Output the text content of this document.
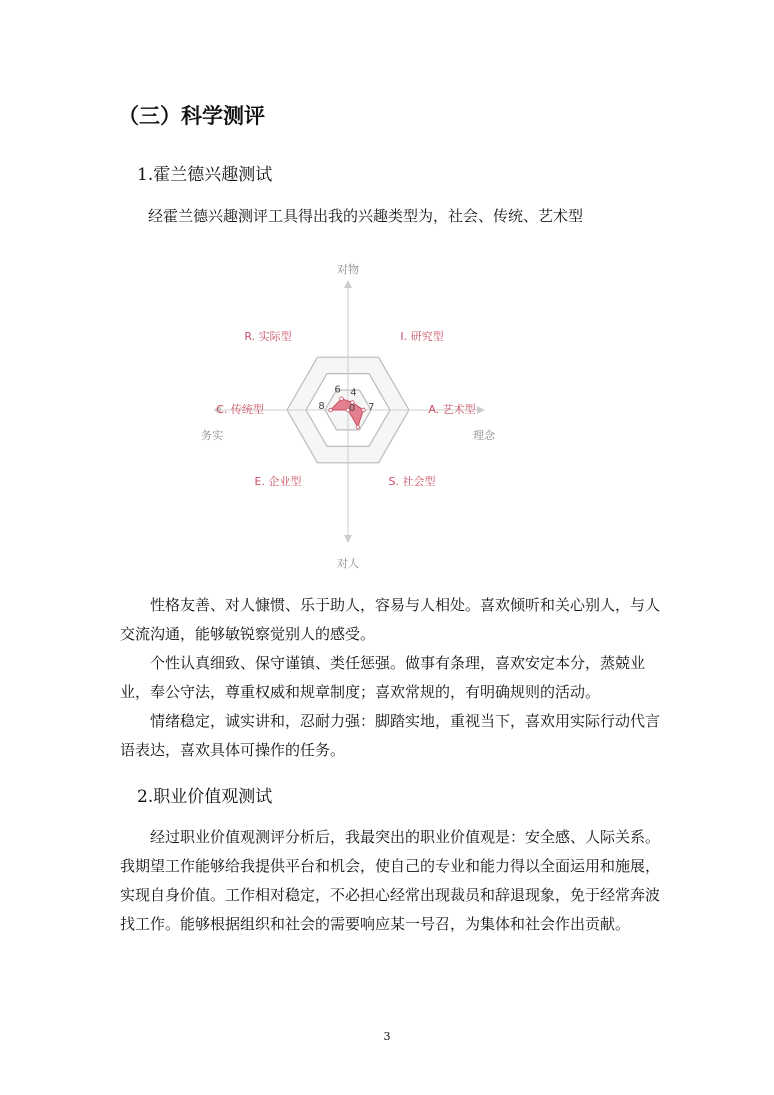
（三）科学测评
1.霍兰德兴趣测试
经霍兰德兴趣测评工具得出我的兴趣类型为，社会、传统、艺术型
对物
对人
务实	理念
R. 实际型	I. 研究型
A. 艺术型
S. 社会型
E. 企业型
C. 传统型
6 4
7
0
8
性格友善、对人慷惯、乐于助人，容易与人相处。喜欢倾听和关心别人，与人交流沟通，能够敏锐察觉别人的感受。
个性认真细致、保守谨镇、类任惩强。做事有条理，喜欢安定本分，蒸兢业业，奉公守法，尊重权威和规章制度；喜欢常规的，有明确规则的活动。
情绪稳定，诚实讲和，忍耐力强：脚踏实地，重视当下，喜欢用实际行动代言语表达，喜欢具体可操作的任务。
2.职业价值观测试
经过职业价值观测评分析后，我最突出的职业价值观是：安全感、人际关系。我期望工作能够给我提供平台和机会，使自己的专业和能力得以全面运用和施展，实现自身价值。工作相对稳定，不必担心经常出现裁员和辞退现象，免于经常奔波找工作。能够根据组织和社会的需要响应某一号召，为集体和社会作出贡献。
3
